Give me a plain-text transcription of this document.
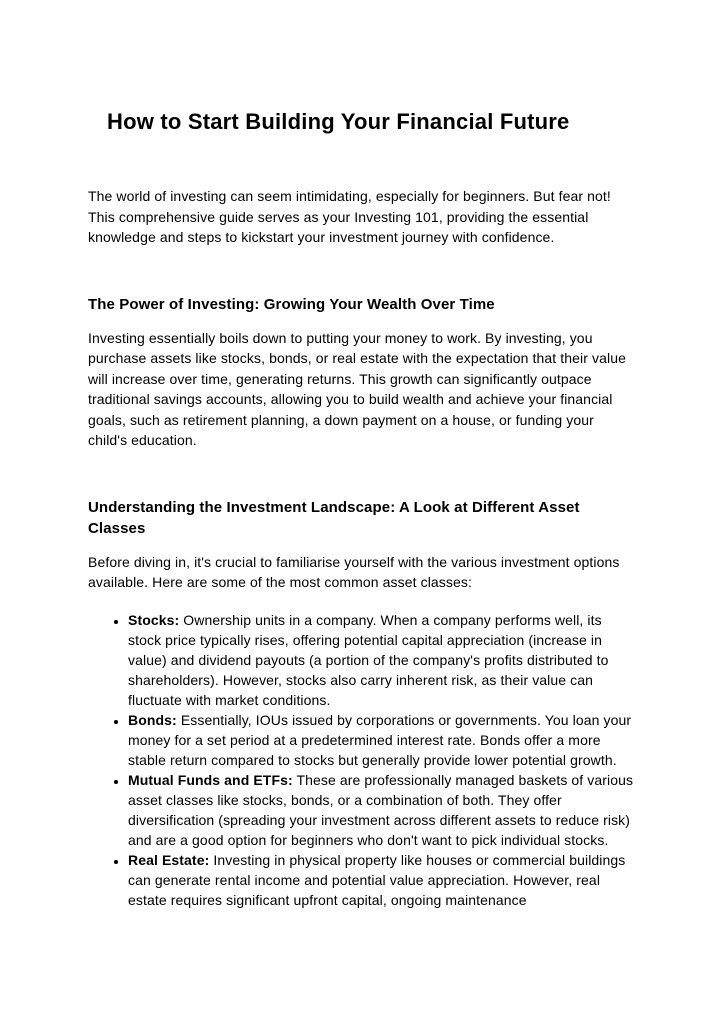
How to Start Building Your Financial Future

The world of investing can seem intimidating, especially for beginners. But fear not! This comprehensive guide serves as your Investing 101, providing the essential knowledge and steps to kickstart your investment journey with confidence.

The Power of Investing: Growing Your Wealth Over Time

Investing essentially boils down to putting your money to work. By investing, you purchase assets like stocks, bonds, or real estate with the expectation that their value will increase over time, generating returns. This growth can significantly outpace traditional savings accounts, allowing you to build wealth and achieve your financial goals, such as retirement planning, a down payment on a house, or funding your child's education.

Understanding the Investment Landscape: A Look at Different Asset Classes

Before diving in, it's crucial to familiarise yourself with the various investment options available. Here are some of the most common asset classes:

• Stocks: Ownership units in a company. When a company performs well, its stock price typically rises, offering potential capital appreciation (increase in value) and dividend payouts (a portion of the company's profits distributed to shareholders). However, stocks also carry inherent risk, as their value can fluctuate with market conditions.
• Bonds: Essentially, IOUs issued by corporations or governments. You loan your money for a set period at a predetermined interest rate. Bonds offer a more stable return compared to stocks but generally provide lower potential growth.
• Mutual Funds and ETFs: These are professionally managed baskets of various asset classes like stocks, bonds, or a combination of both. They offer diversification (spreading your investment across different assets to reduce risk) and are a good option for beginners who don't want to pick individual stocks.
• Real Estate: Investing in physical property like houses or commercial buildings can generate rental income and potential value appreciation. However, real estate requires significant upfront capital, ongoing maintenance
